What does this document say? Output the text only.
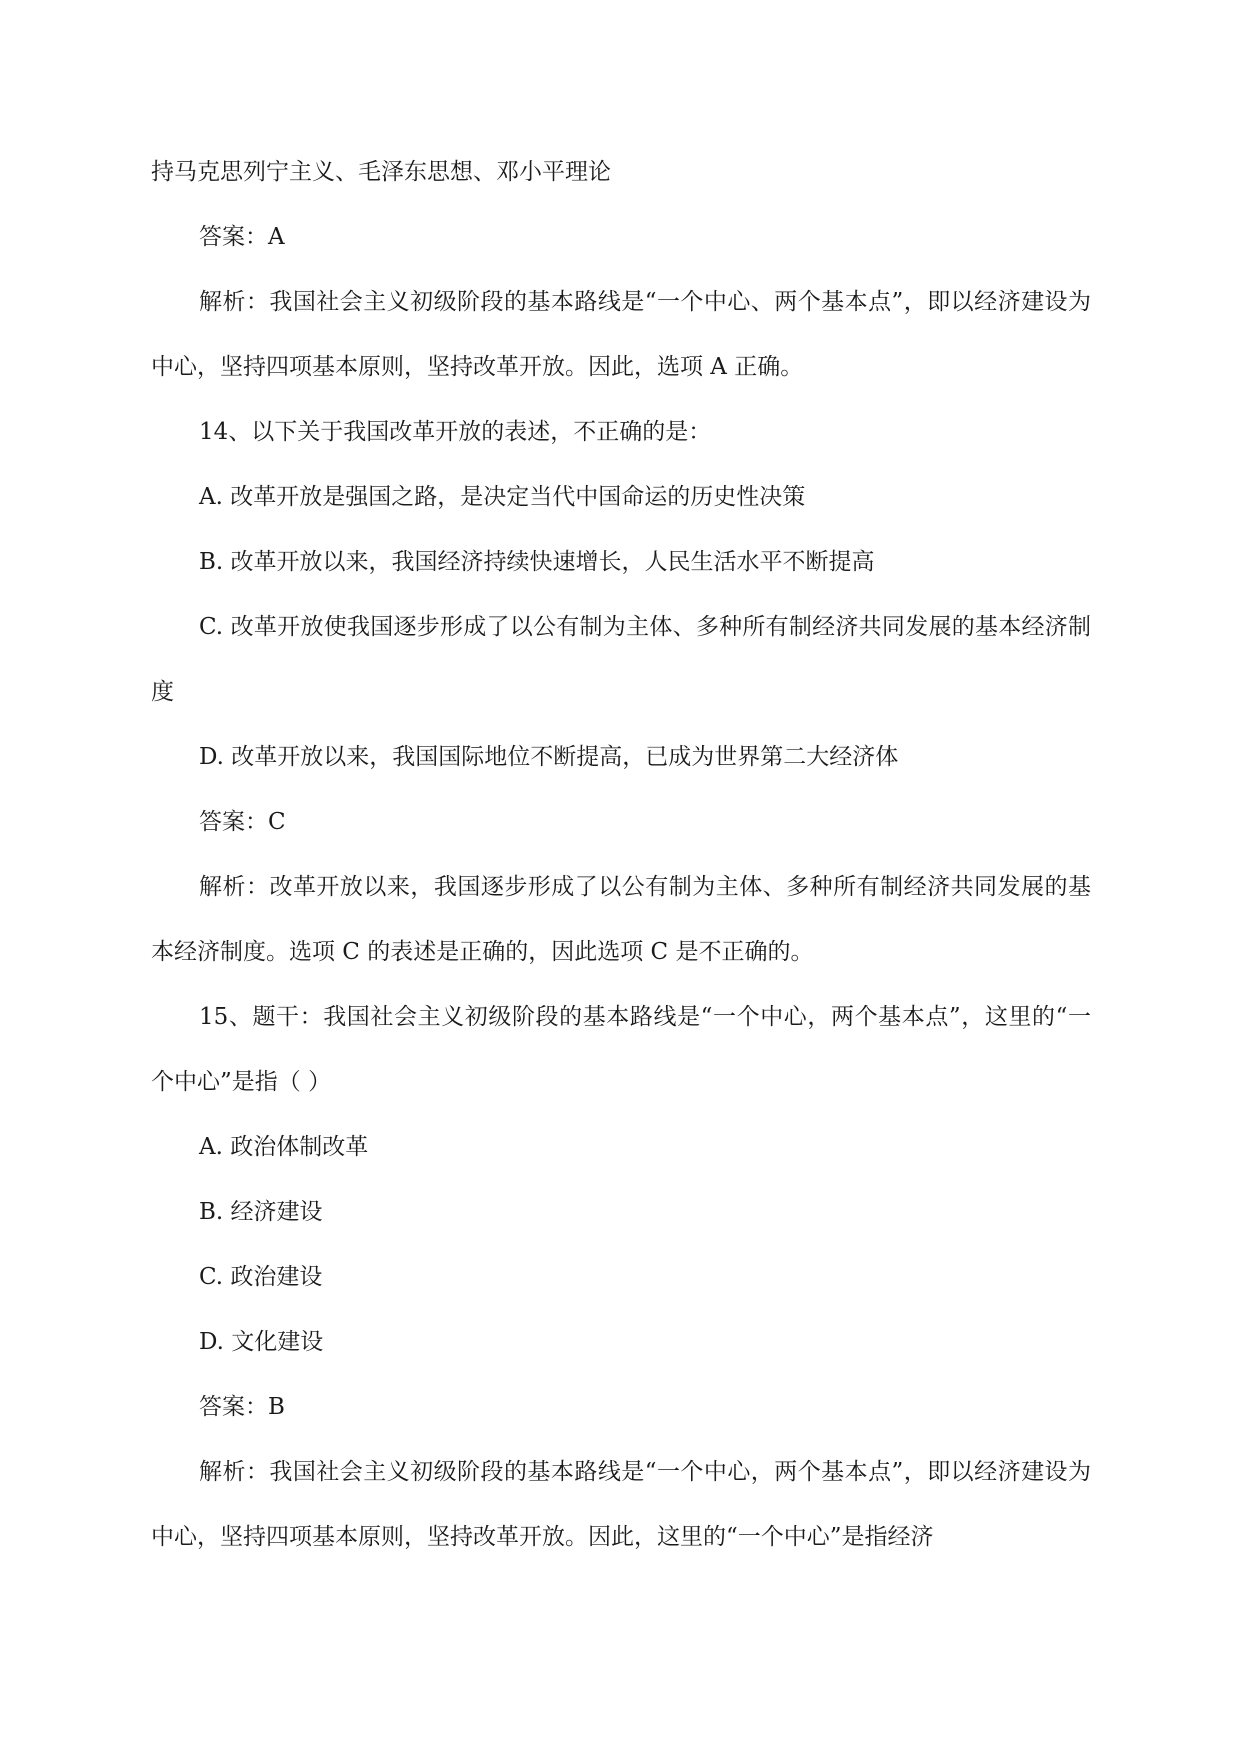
持马克思列宁主义、毛泽东思想、邓小平理论

答案：A

解析：我国社会主义初级阶段的基本路线是“一个中心、两个基本点”，即以经济建设为中心，坚持四项基本原则，坚持改革开放。因此，选项 A 正确。

14、以下关于我国改革开放的表述，不正确的是：

A. 改革开放是强国之路，是决定当代中国命运的历史性决策

B. 改革开放以来，我国经济持续快速增长，人民生活水平不断提高

C. 改革开放使我国逐步形成了以公有制为主体、多种所有制经济共同发展的基本经济制度

D. 改革开放以来，我国国际地位不断提高，已成为世界第二大经济体

答案：C

解析：改革开放以来，我国逐步形成了以公有制为主体、多种所有制经济共同发展的基本经济制度。选项 C 的表述是正确的，因此选项 C 是不正确的。

15、题干：我国社会主义初级阶段的基本路线是“一个中心，两个基本点”，这里的“一个中心”是指（ ）

A. 政治体制改革

B. 经济建设

C. 政治建设

D. 文化建设

答案：B

解析：我国社会主义初级阶段的基本路线是“一个中心，两个基本点”，即以经济建设为中心，坚持四项基本原则，坚持改革开放。因此，这里的“一个中心”是指经济
